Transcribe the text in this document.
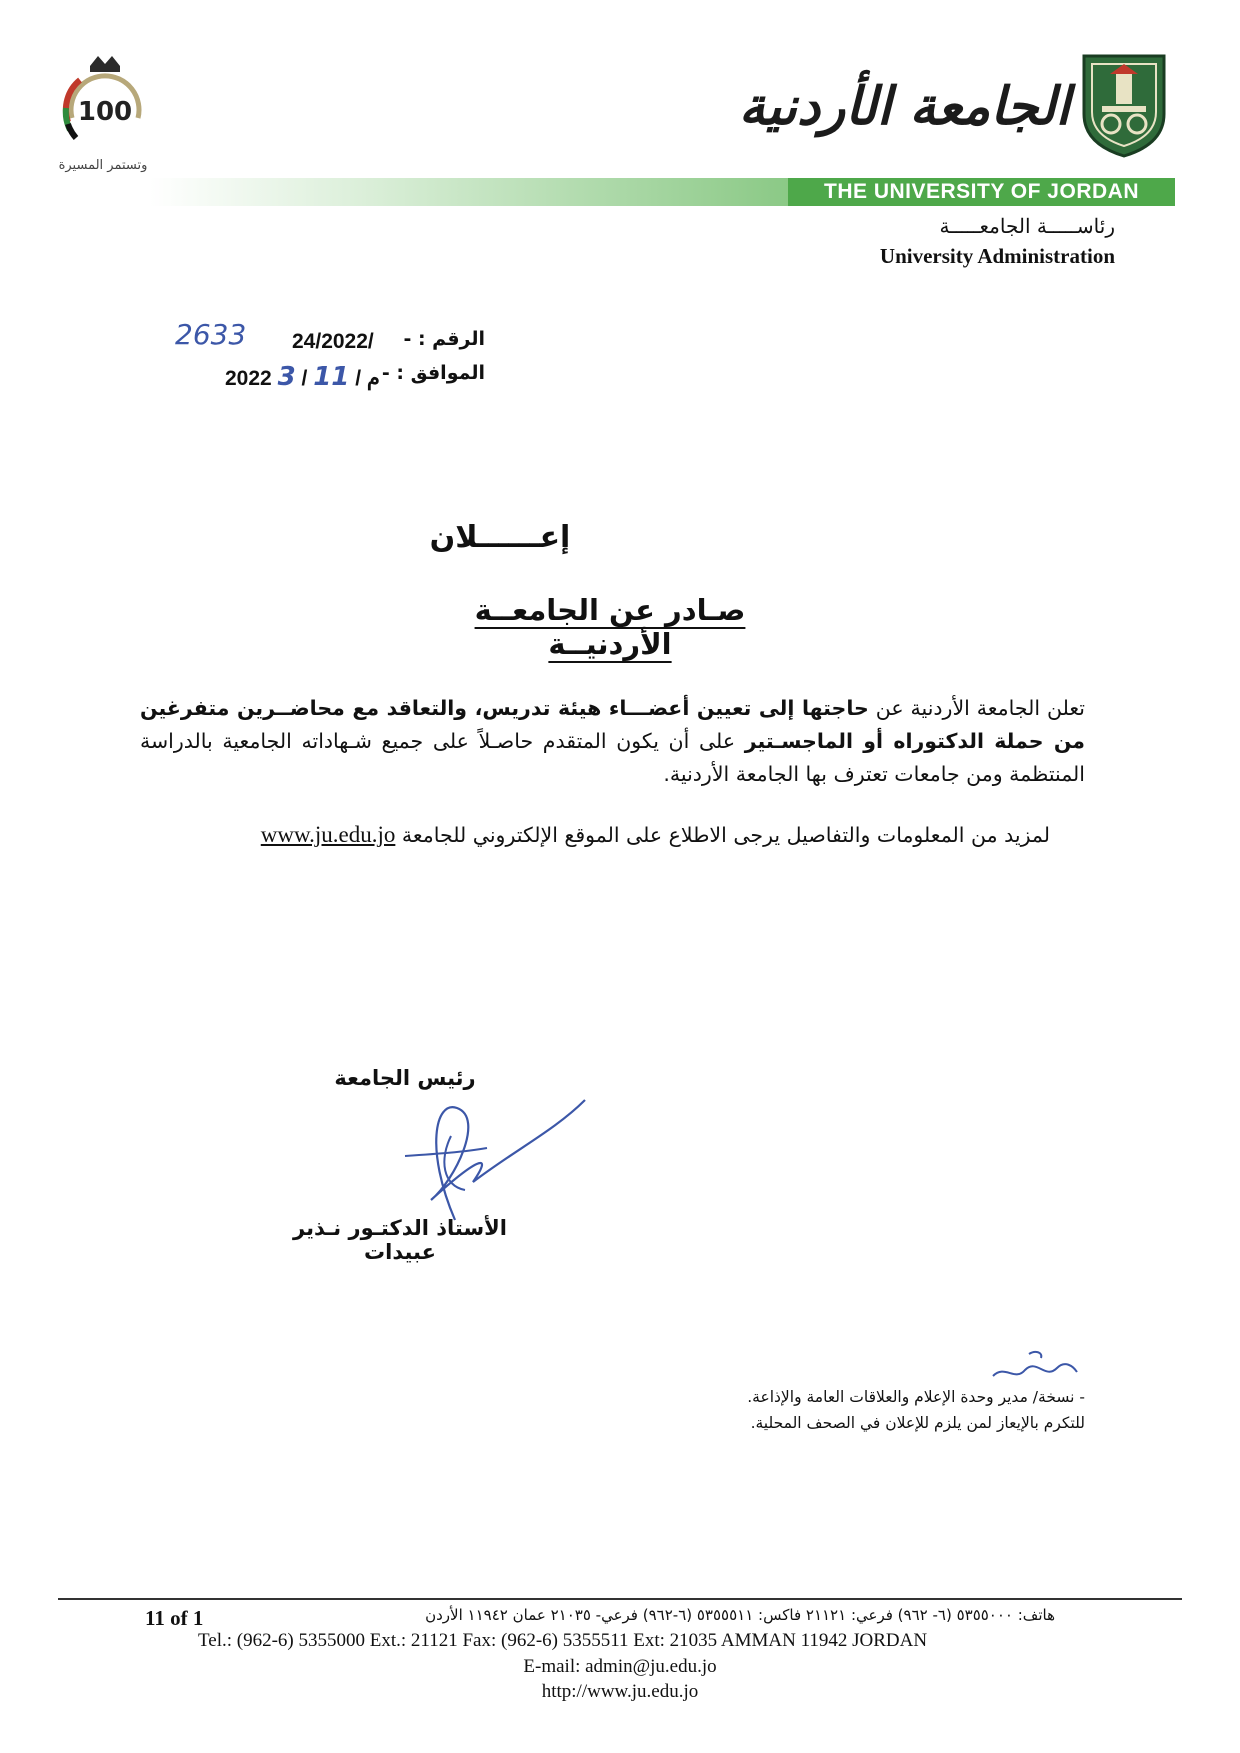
الجامعة الأردنية
100
وتستمر المسيرة
THE UNIVERSITY OF JORDAN
رئاســـــة الجامعـــــة
University Administration
الرقم : -
24/2022/
2633
الموافق : -
2022 م / 11 / 3
إعــــــلان
صـادر عن الجامعــة الأردنيــة
تعلن الجامعة الأردنية عن حاجتها إلى تعيين أعضـــاء هيئة تدريس، والتعاقد مع محاضــرين متفرغين من حملة الدكتوراه أو الماجسـتير على أن يكون المتقدم حاصـلاً على جميع شـهاداته الجامعية بالدراسة المنتظمة ومن جامعات تعترف بها الجامعة الأردنية.
لمزيد من المعلومات والتفاصيل يرجى الاطلاع على الموقع الإلكتروني للجامعة www.ju.edu.jo
رئيس الجامعة
الأستاذ الدكتـور نـذير عبيدات
- نسخة/ مدير وحدة الإعلام والعلاقات العامة والإذاعة.
للتكرم بالإيعاز لمن يلزم للإعلان في الصحف المحلية.
11 of 1	هاتف: ٥٣٥٥٠٠٠ (٦- ٩٦٢) فرعي: ٢١١٢١ فاكس: ٥٣٥٥٥١١ (٦-٩٦٢) فرعي- ٢١٠٣٥ عمان ١١٩٤٢ الأردن
Tel.: (962-6) 5355000 Ext.: 21121 Fax: (962-6) 5355511 Ext: 21035 AMMAN 11942 JORDAN
E-mail: admin@ju.edu.jo
http://www.ju.edu.jo
